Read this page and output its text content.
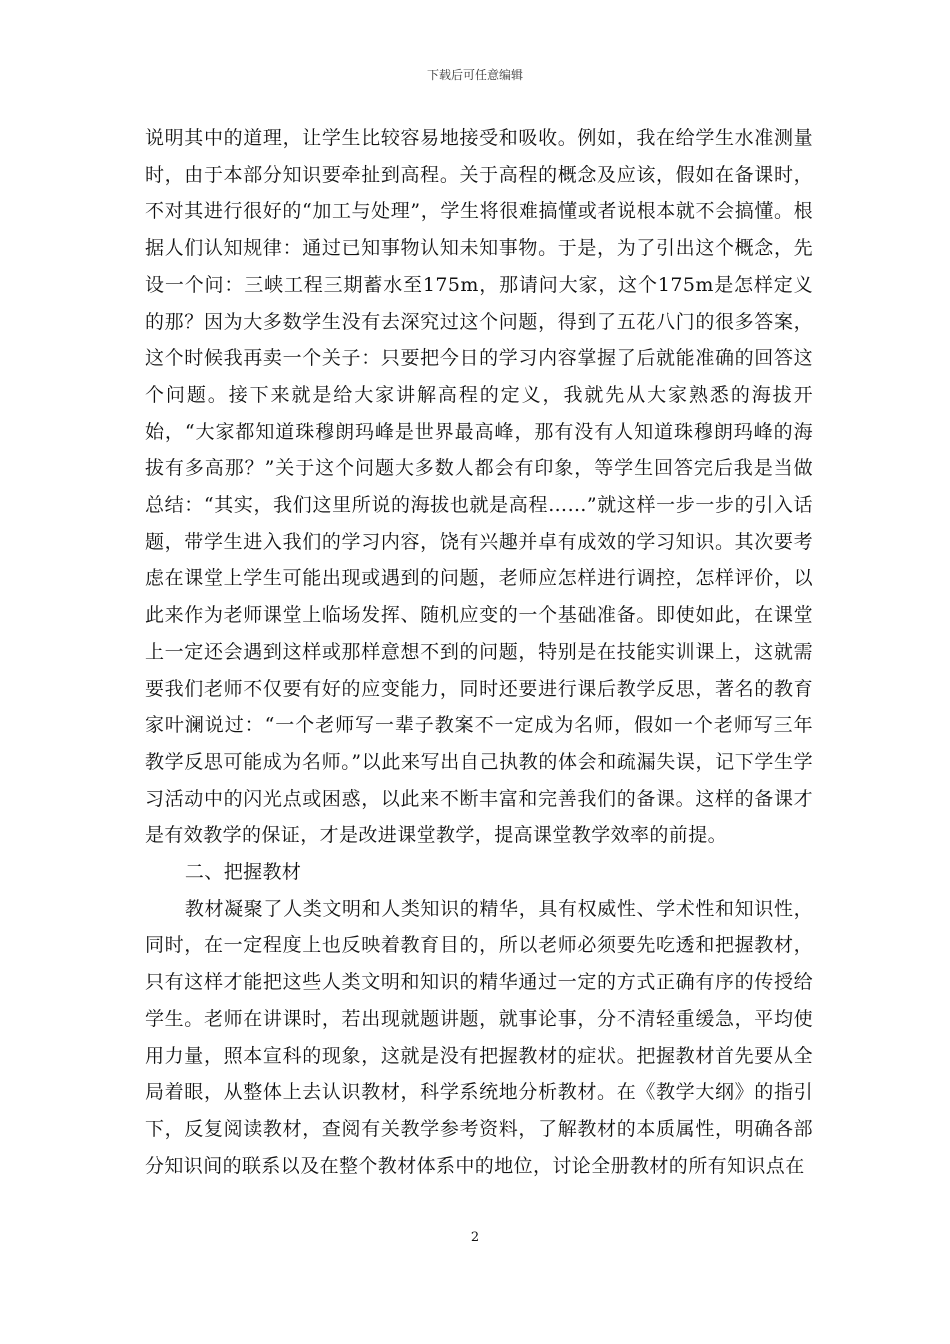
下载后可任意编辑

说明其中的道理，让学生比较容易地接受和吸收。例如，我在给学生水准测量时，由于本部分知识要牵扯到高程。关于高程的概念及应该，假如在备课时，不对其进行很好的“加工与处理”，学生将很难搞懂或者说根本就不会搞懂。根据人们认知规律：通过已知事物认知未知事物。于是，为了引出这个概念，先设一个问：三峡工程三期蓄水至175m，那请问大家，这个175m是怎样定义的那？因为大多数学生没有去深究过这个问题，得到了五花八门的很多答案，这个时候我再卖一个关子：只要把今日的学习内容掌握了后就能准确的回答这个问题。接下来就是给大家讲解高程的定义，我就先从大家熟悉的海拔开始，“大家都知道珠穆朗玛峰是世界最高峰，那有没有人知道珠穆朗玛峰的海拔有多高那？”关于这个问题大多数人都会有印象，等学生回答完后我是当做总结：“其实，我们这里所说的海拔也就是高程……”就这样一步一步的引入话题，带学生进入我们的学习内容，饶有兴趣并卓有成效的学习知识。其次要考虑在课堂上学生可能出现或遇到的问题，老师应怎样进行调控，怎样评价，以此来作为老师课堂上临场发挥、随机应变的一个基础准备。即使如此，在课堂上一定还会遇到这样或那样意想不到的问题，特别是在技能实训课上，这就需要我们老师不仅要有好的应变能力，同时还要进行课后教学反思，著名的教育家叶澜说过：“一个老师写一辈子教案不一定成为名师，假如一个老师写三年教学反思可能成为名师。”以此来写出自己执教的体会和疏漏失误，记下学生学习活动中的闪光点或困惑，以此来不断丰富和完善我们的备课。这样的备课才是有效教学的保证，才是改进课堂教学，提高课堂教学效率的前提。

二、把握教材

教材凝聚了人类文明和人类知识的精华，具有权威性、学术性和知识性，同时，在一定程度上也反映着教育目的，所以老师必须要先吃透和把握教材，只有这样才能把这些人类文明和知识的精华通过一定的方式正确有序的传授给学生。老师在讲课时，若出现就题讲题，就事论事，分不清轻重缓急，平均使用力量，照本宣科的现象，这就是没有把握教材的症状。把握教材首先要从全局着眼，从整体上去认识教材，科学系统地分析教材。在《教学大纲》的指引下，反复阅读教材，查阅有关教学参考资料，了解教材的本质属性，明确各部分知识间的联系以及在整个教材体系中的地位，讨论全册教材的所有知识点在

2
